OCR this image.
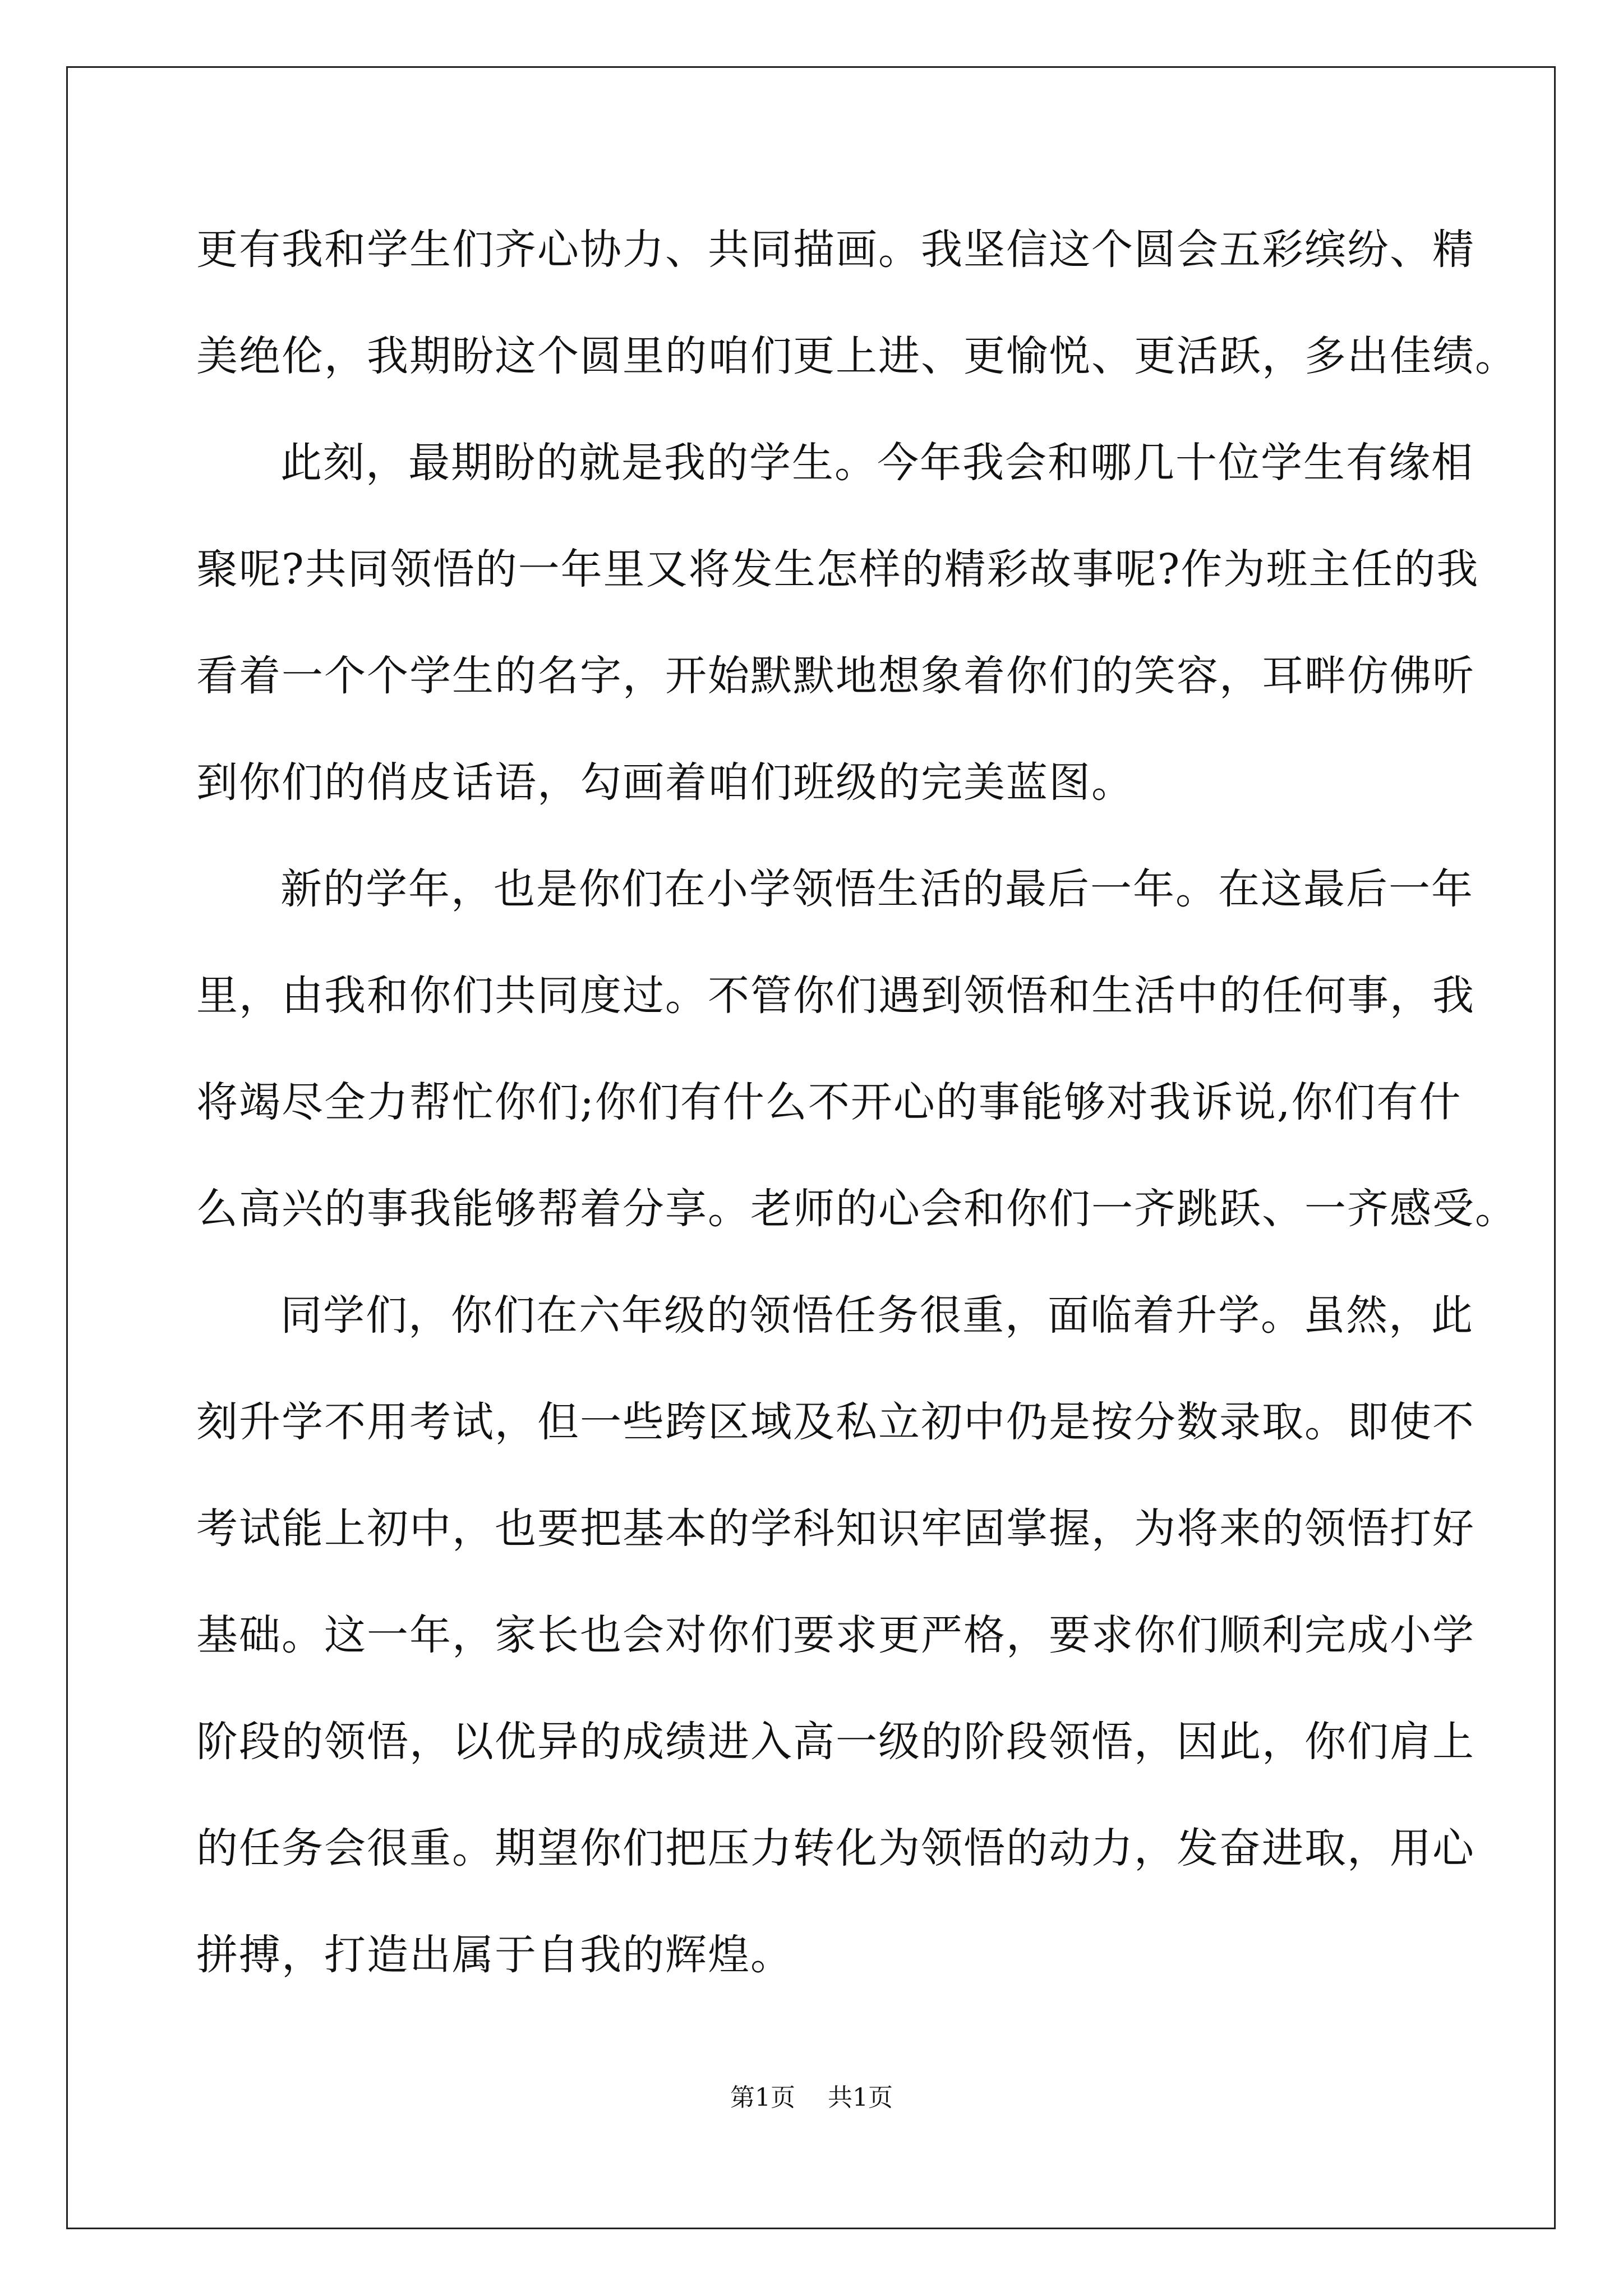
更有我和学生们齐心协力、共同描画。我坚信这个圆会五彩缤纷、精
美绝伦，我期盼这个圆里的咱们更上进、更愉悦、更活跃，多出佳绩。
此刻，最期盼的就是我的学生。今年我会和哪几十位学生有缘相
聚呢?共同领悟的一年里又将发生怎样的精彩故事呢?作为班主任的我
看着一个个学生的名字，开始默默地想象着你们的笑容，耳畔仿佛听
到你们的俏皮话语，勾画着咱们班级的完美蓝图。
新的学年，也是你们在小学领悟生活的最后一年。在这最后一年
里，由我和你们共同度过。不管你们遇到领悟和生活中的任何事，我
将竭尽全力帮忙你们;你们有什么不开心的事能够对我诉说,你们有什
么高兴的事我能够帮着分享。老师的心会和你们一齐跳跃、一齐感受。
同学们，你们在六年级的领悟任务很重，面临着升学。虽然，此
刻升学不用考试，但一些跨区域及私立初中仍是按分数录取。即使不
考试能上初中，也要把基本的学科知识牢固掌握，为将来的领悟打好
基础。这一年，家长也会对你们要求更严格，要求你们顺利完成小学
阶段的领悟，以优异的成绩进入高一级的阶段领悟，因此，你们肩上
的任务会很重。期望你们把压力转化为领悟的动力，发奋进取，用心
拼搏，打造出属于自我的辉煌。
第1页 共1页
